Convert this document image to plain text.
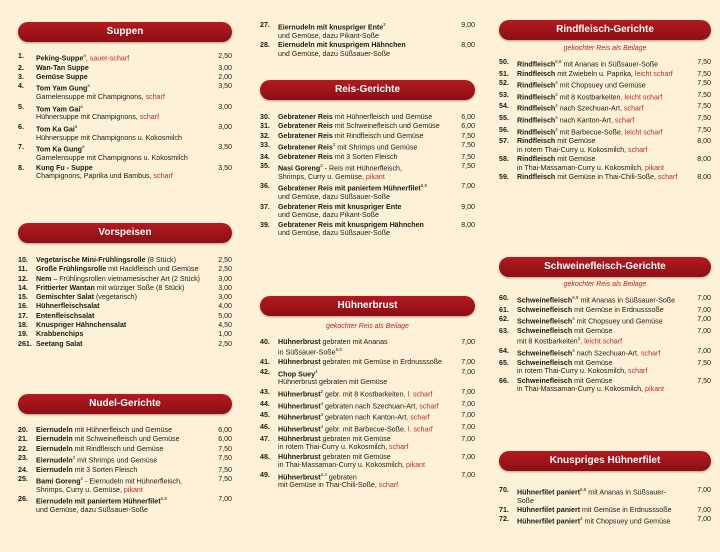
Suppen
1. Peking-Suppe$^a$, sauer-scharf	2,50
2. Wan-Tan Suppe	3,00
3. Gemüse Suppe	2,00
4. Tom Yam Gung$^a$
Garnelensuppe mit Champignons, scharf
3,50
5. Tom Yam Gai$^a$
Hühnersuppe mit Champignons, scharf
3,00
6. Tom Ka Gai$^a$
Hühnersuppe mit Champignons u. Kokosmilch
3,00
7. Tom Ka Gung$^a$
Garnelensuppe mit Champignons u. Kokosmilch
3,50
8. Kung Fu - Suppe
Champignons, Paprika und Bambus, scharf
3,50
Vorspeisen
10. Vegetarische Mini-Frühlingsrolle (8 Stück)	2,50
11. Große Frühlingsrolle mit Hackfleisch und Gemüse	2,50
12. Nem – Frühlingsrollen vietnamesischer Art (2 Stück)	3,00
14. Frittierter Wantan mit würziger Soße (8 Stück)	3,00
15. Gemischter Salat (vegetarisch)	3,00
16. Hühnerfleischsalat	4,00
17. Entenfleischsalat	5,00
18. Knuspriger Hähnchensalat	4,50
19. Krabbenchips	1,00
261. Seetang Salat	2,50
Nudel-Gerichte
20. Eiernudeln mit Hühnerfleisch und Gemüse	6,00
21. Eiernudeln mit Schweinefleisch und Gemüse	6,00
22. Eiernudeln mit Rindfleisch und Gemüse	7,50
23. Eiernudeln$^2$ mit Shrimps und Gemüse	7,50
24. Eiernudeln mit 3 Sorten Fleisch	7,50
25. Bami Goreng$^2$ - Eiernudeln mit Hühnerfleisch,
Shrimps, Curry u. Gemüse, pikant
7,50
26. Eiernudeln mit paniertem Hühnerfilet$^{6,8}$
und Gemüse, dazu Süßsauer-Soße
7,00
27. Eiernudeln mit knuspriger Ente$^2$
und Gemüse, dazu Pikant-Soße
9,00
28. Eiernudeln mit knusprigem Hähnchen
und Gemüse, dazu Süßsauer-Soße
8,00
Reis-Gerichte
30. Gebratener Reis mit Hühnerfleisch und Gemüse	6,00
31. Gebratener Reis mit Schweinefleisch und Gemüse	6,00
32. Gebratener Reis mit Rindfleisch und Gemüse	7,50
33. Gebratener Reis$^2$ mit Shrimps und Gemüse	7,50
34. Gebratener Reis mit 3 Sorten Fleisch	7,50
35. Nasi Goreng$^2$ - Reis mit Hühnerfleisch,
Shrimps, Curry u. Gemüse, pikant
7,50
36. Gebratener Reis mit paniertem Hühnerfilet$^{6,8}$
und Gemüse, dazu Süßsauer-Soße
7,00
37. Gebratener Reis mit knuspriger Ente
und Gemüse, dazu Pikant-Soße
9,00
39. Gebratener Reis mit knusprigem Hähnchen
und Gemüse, dazu Süßsauer-Soße
8,00
Hühnerbrust
gekochter Reis als Beilage
40. Hühnerbrust gebraten mit Ananas
in Süßsauer-Soße$^{6,8}$
7,00
41. Hühnerbrust gebraten mit Gemüse in Erdnusssoße	7,00
42. Chop Suey$^4$
Hühnerbrust gebraten mit Gemüse
7,00
43. Hühnerbrust$^2$ gebr. mit 8 Kostbarkeiten, l. scharf	7,00
44. Hühnerbrust$^4$ gebraten nach Szechuan-Art, scharf	7,00
45. Hühnerbrust$^4$ gebraten nach Kanton-Art, scharf	7,00
46. Hühnerbrust$^4$ gebr. mit Barbecue-Soße, l. scharf	7,00
47. Hühnerbrust gebraten mit Gemüse
in rotem Thai-Curry u. Kokosmilch, scharf
7,00
48. Hühnerbrust gebraten mit Gemüse
in Thai-Massaman-Curry u. Kokosmilch, pikant
7,00
49. Hühnerbrust$^{2,4}$ gebraten
mit Gemüse in Thai-Chili-Soße, scharf
7,00
Rindfleisch-Gerichte
gekochter Reis als Beilage
50. Rindfleisch$^{6,8}$ mit Ananas in Süßsauer-Soße	7,50
51. Rindfleisch mit Zwiebeln u. Paprika, leicht scharf	7,50
52. Rindfleisch$^4$ mit Chopsuey und Gemüse	7,50
53. Rindfleisch$^2$ mit 8 Kostbarkeiten, leicht scharf	7,50
54. Rindfleisch$^4$ nach Szechuan-Art, scharf	7,50
55. Rindfleisch$^4$ nach Kanton-Art, scharf	7,50
56. Rindfleisch$^4$ mit Barbecue-Soße, leicht scharf	7,50
57. Rindfleisch mit Gemüse
in rotem Thai-Curry u. Kokosmilch, scharf
8,00
58. Rindfleisch mit Gemüse
in Thai-Massaman-Curry u. Kokosmilch, pikant
8,00
59. Rindfleisch mit Gemüse in Thai-Chili-Soße, scharf	8,00
Schweinefleisch-Gerichte
gekochter Reis als Beilage
60. Schweinefleisch$^{6,8}$ mit Ananas in Süßsauer-Soße	7,00
61. Schweinefleisch mit Gemüse in Erdnusssoße	7,00
62. Schweinefleisch$^4$ mit Chopsuey und Gemüse	7,00
63. Schweinefleisch mit Gemüse
mit 8 Kostbarkeiten$^2$, leicht scharf
7,00
64. Schweinefleisch$^4$ nach Szechuan-Art, scharf	7,00
65. Schweinefleisch mit Gemüse
in rotem Thai-Curry u. Kokosmilch, scharf
7,50
66. Schweinefleisch mit Gemüse
in Thai-Massaman-Curry u. Kokosmilch, pikant
7,50
Knuspriges Hühnerfilet
70. Hühnerfilet paniert$^{6,8}$ mit Ananas in Süßsauer-Soße
7,00
71. Hühnerfilet paniert mit Gemüse in Erdnusssoße	7,00
72. Hühnerfilet paniert$^4$ mit Chopsuey und Gemüse	7,00
